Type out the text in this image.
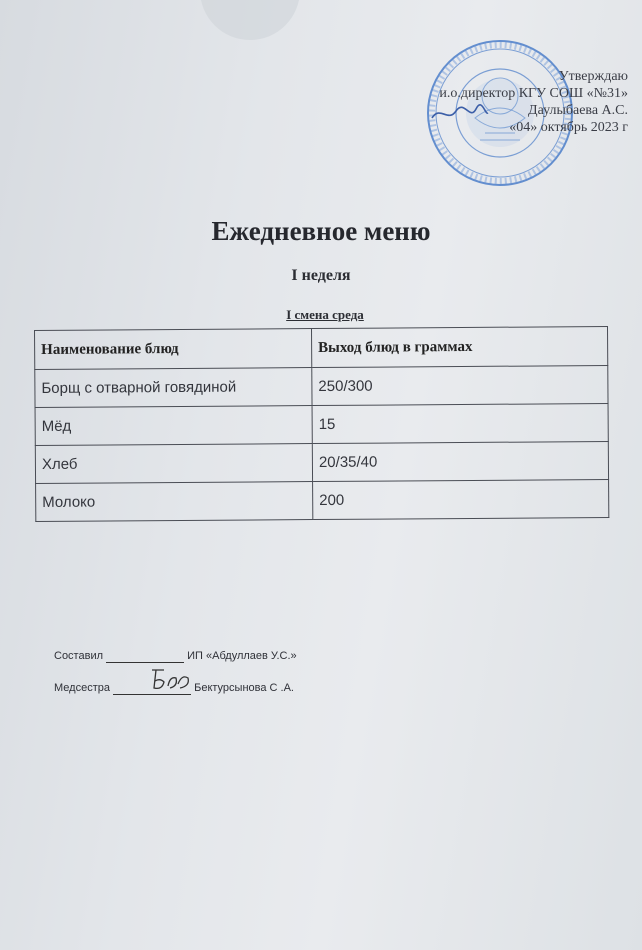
Утверждаю
и.о.директор КГУ СОШ «№31»
Даулыбаева А.С.
«04» октябрь 2023 г
Ежедневное меню
I неделя
I смена среда
Наименование блюд	Выход блюд в граммах
Борщ с отварной говядиной	250/300
Мёд	15
Хлеб	20/35/40
Молоко	200
Составил	ИП «Абдуллаев У.С.»
Медсестра	Бектурсынова С .А.
